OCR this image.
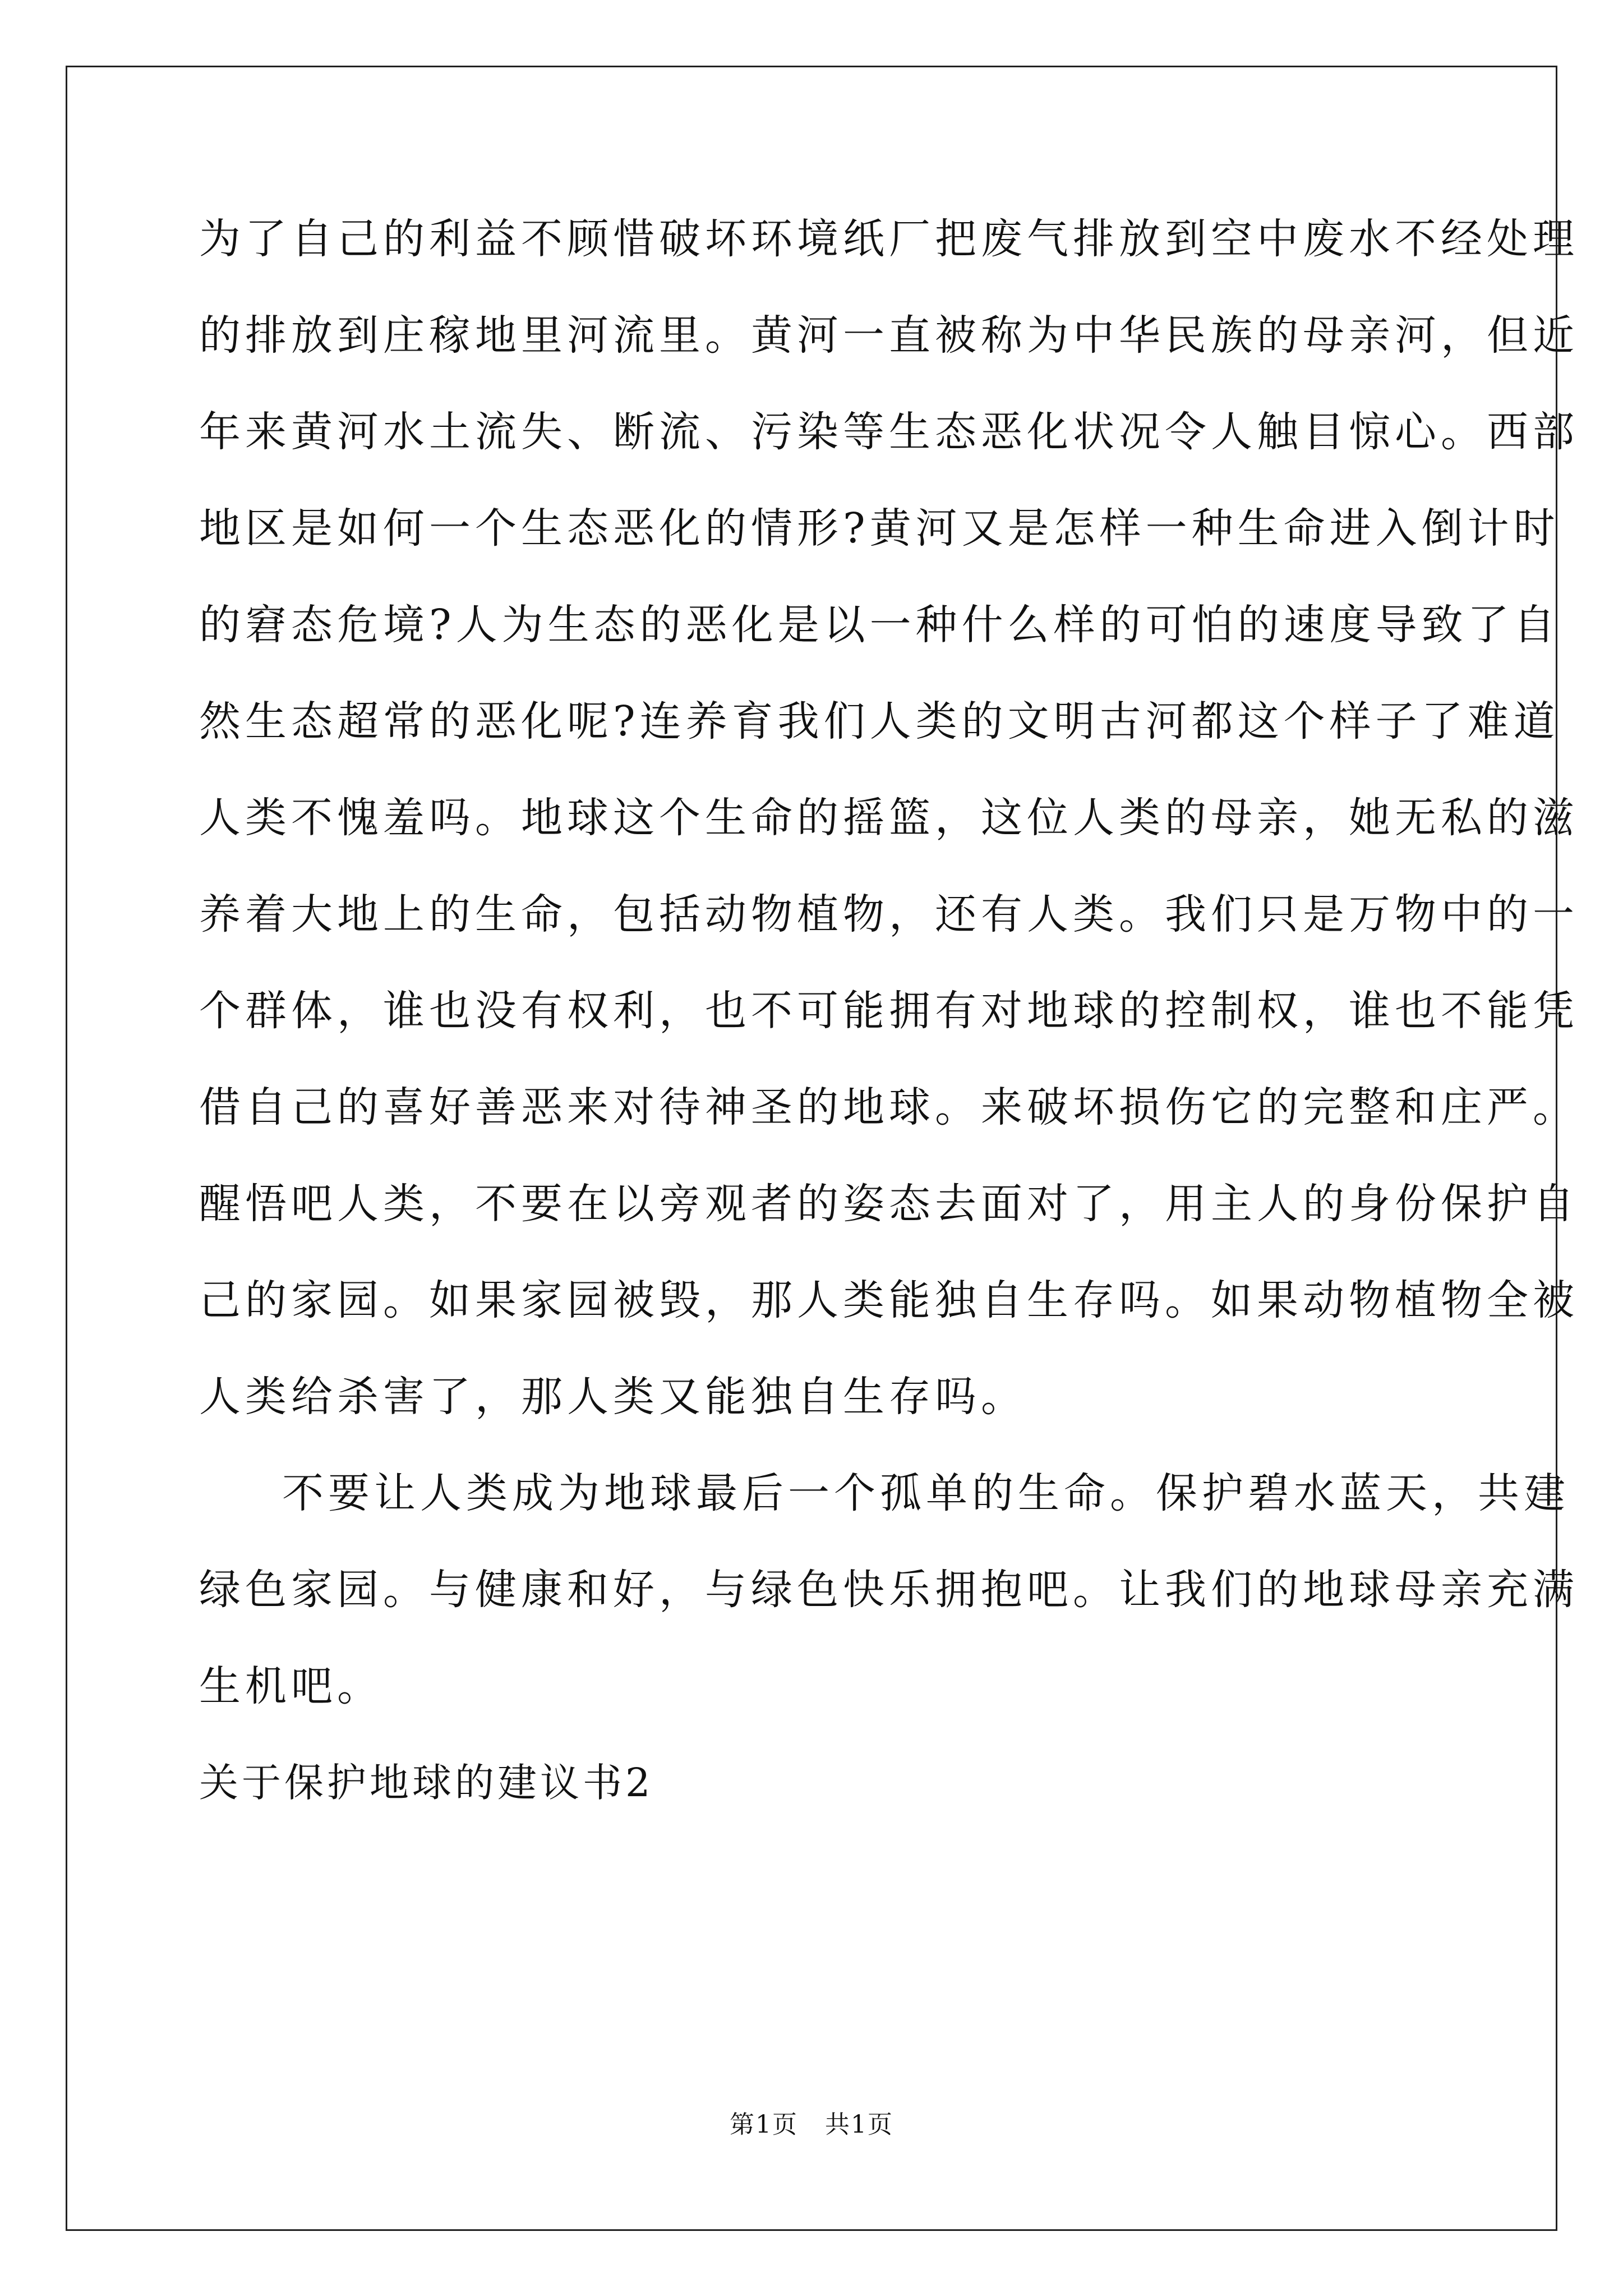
为了自己的利益不顾惜破坏环境纸厂把废气排放到空中废水不经处理
的排放到庄稼地里河流里。黄河一直被称为中华民族的母亲河，但近
年来黄河水土流失、断流、污染等生态恶化状况令人触目惊心。西部
地区是如何一个生态恶化的情形?黄河又是怎样一种生命进入倒计时
的窘态危境?人为生态的恶化是以一种什么样的可怕的速度导致了自
然生态超常的恶化呢?连养育我们人类的文明古河都这个样子了难道
人类不愧羞吗。地球这个生命的摇篮，这位人类的母亲，她无私的滋
养着大地上的生命，包括动物植物，还有人类。我们只是万物中的一
个群体，谁也没有权利，也不可能拥有对地球的控制权，谁也不能凭
借自己的喜好善恶来对待神圣的地球。来破坏损伤它的完整和庄严。
醒悟吧人类，不要在以旁观者的姿态去面对了，用主人的身份保护自
己的家园。如果家园被毁，那人类能独自生存吗。如果动物植物全被
人类给杀害了，那人类又能独自生存吗。
不要让人类成为地球最后一个孤单的生命。保护碧水蓝天，共建
绿色家园。与健康和好，与绿色快乐拥抱吧。让我们的地球母亲充满
生机吧。
关于保护地球的建议书2
第1页 共1页
